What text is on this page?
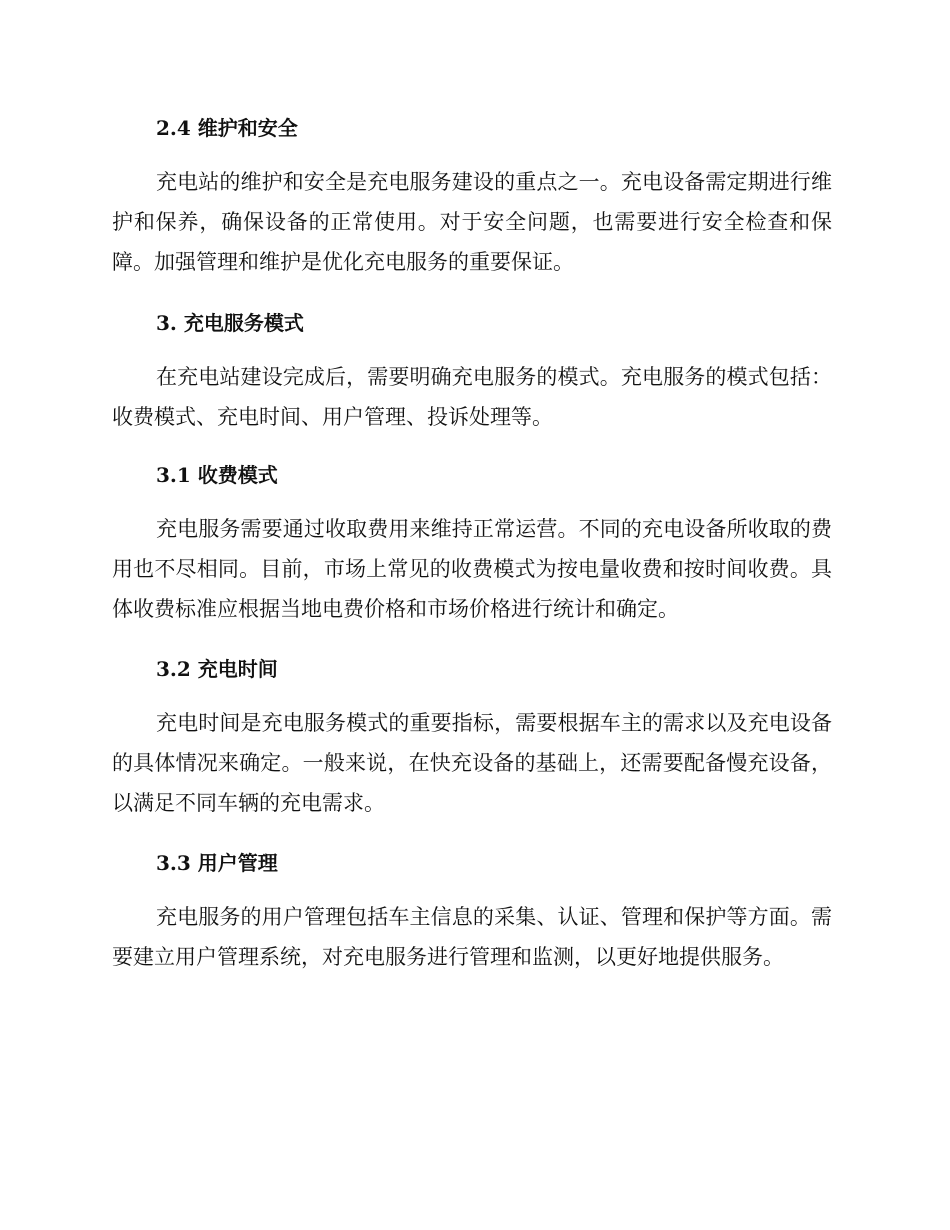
2.4 维护和安全

充电站的维护和安全是充电服务建设的重点之一。充电设备需定期进行维护和保养，确保设备的正常使用。对于安全问题，也需要进行安全检查和保障。加强管理和维护是优化充电服务的重要保证。

3. 充电服务模式

在充电站建设完成后，需要明确充电服务的模式。充电服务的模式包括：收费模式、充电时间、用户管理、投诉处理等。

3.1 收费模式

充电服务需要通过收取费用来维持正常运营。不同的充电设备所收取的费用也不尽相同。目前，市场上常见的收费模式为按电量收费和按时间收费。具体收费标准应根据当地电费价格和市场价格进行统计和确定。

3.2 充电时间

充电时间是充电服务模式的重要指标，需要根据车主的需求以及充电设备的具体情况来确定。一般来说，在快充设备的基础上，还需要配备慢充设备，以满足不同车辆的充电需求。

3.3 用户管理

充电服务的用户管理包括车主信息的采集、认证、管理和保护等方面。需要建立用户管理系统，对充电服务进行管理和监测，以更好地提供服务。
